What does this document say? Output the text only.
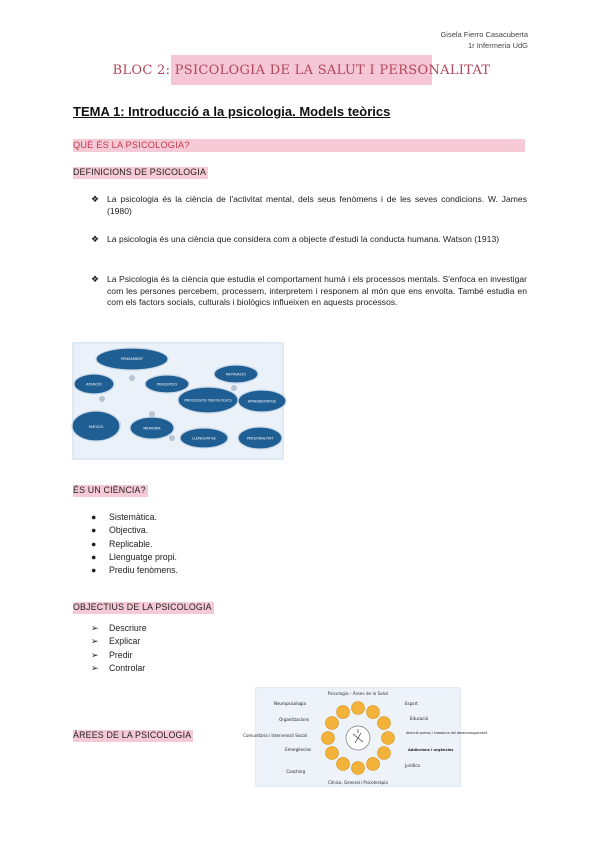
Gisela Fierro Casacuberta
1r Infermeria UdG
BLOC 2: PSICOLOGIA DE LA SALUT I PERSONALITAT
TEMA 1: Introducció a la psicologia. Models teòrics
QUÈ ÉS LA PSICOLOGIA?
DEFINICIONS DE PSICOLOGIA
❖ La psicologia és la ciència de l'activitat mental, dels seus fenòmens i de les seves condicions. W. James (1980)
❖ La psicologia és una ciència que considera com a objecte d'estudi la conducta humana. Watson (1913)
❖ La Psicologia és la ciència que estudia el comportament humà i els processos mentals. S'enfoca en investigar com les persones percebem, processem, interpretem i responem al món que ens envolta. També estudia en com els factors socials, culturals i biològics influeixen en aquests processos.
PENSAMENT
PERCEPCIÓ
MOTIVACIÓ
ATENCIÓ
APRENENTATGE
EMOCIÓ	MEMÒRIA
LLENGUATGE	PERSONALITAT
PROCESSOS PSICOLÒGICS
ÉS UN CIÈNCIA?
● Sistemàtica.
● Objectiva.
● Replicable.
● Llenguatge propi.
● Prediu fenòmens.
OBJECTIUS DE LA PSICOLOGIA
➢ Descriure
➢ Explicar
➢ Predir
➢ Controlar
ÀREES DE LA PSICOLOGIA
Psicologia - Àrees de la Salut
Neuropsicologia
Organitzacions
Comunitària i Intervenció Social
Emergències
Coaching
Esport
Educació
Atenció precoç i trastorns del desenvolupament
Addiccions i urgències
Jurídica
Clínica, General i Psicoteràpia
